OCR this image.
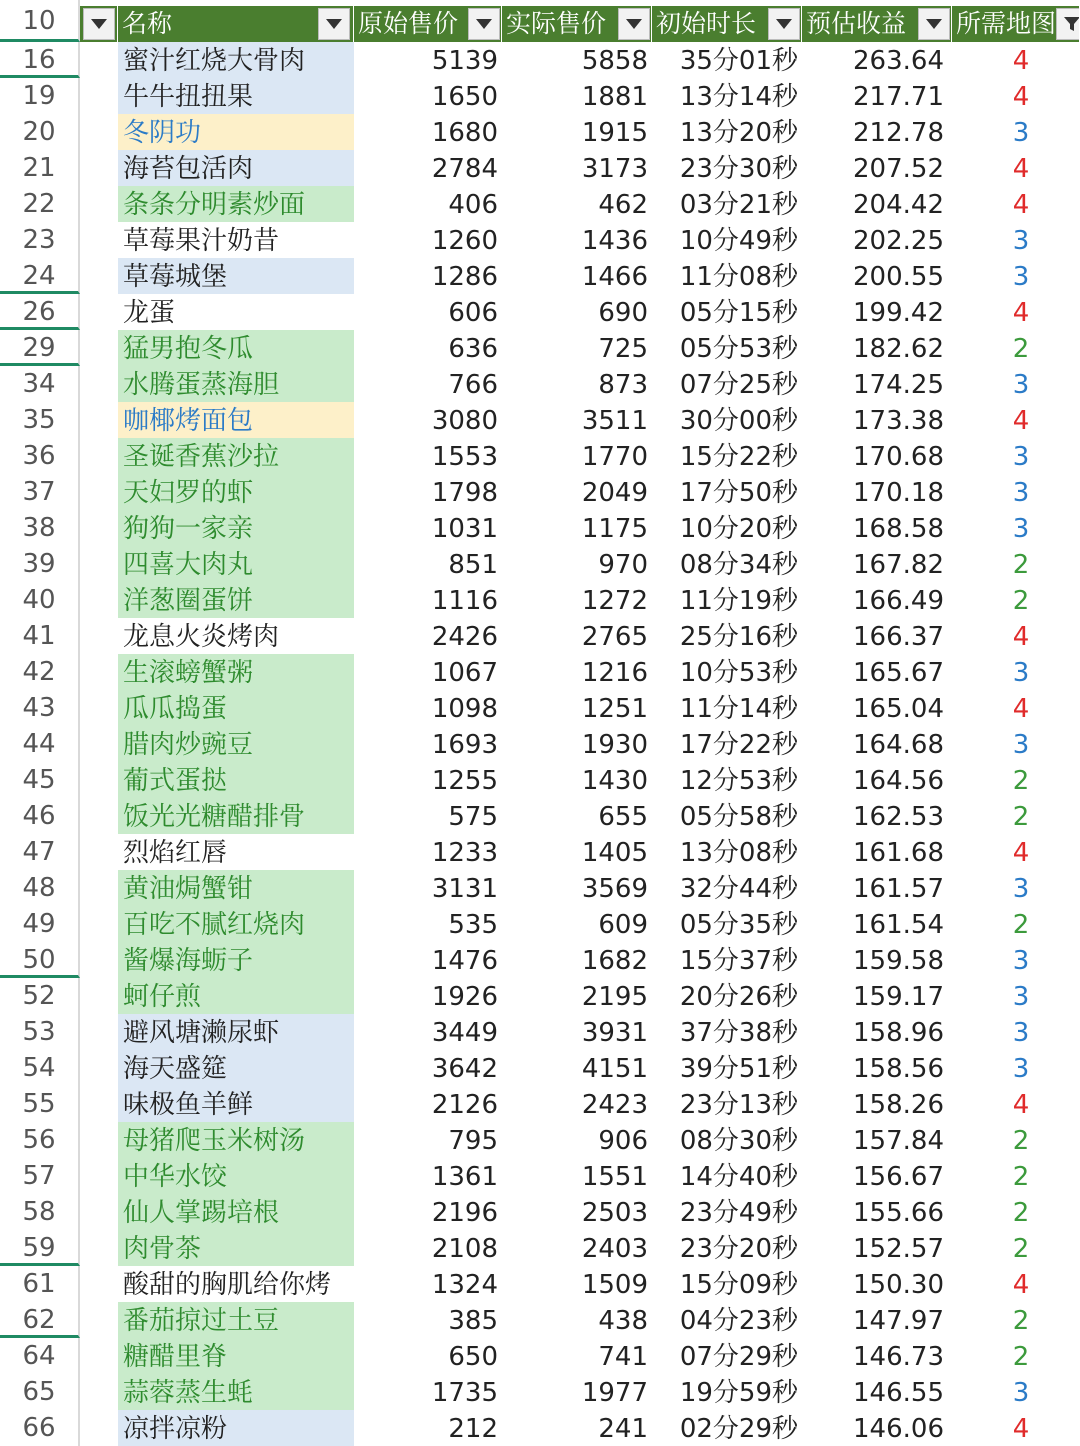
10	名称	原始售价 实际售价 初始时长 预估收益 所需地图
16	蜜汁红烧大骨肉	5139	5858	35分01秒	263.64	4
19	牛牛扭扭果	1650	1881	13分14秒	217.71	4
20	冬阴功	1680	1915	13分20秒	212.78	3
21	海苔包活肉	2784	3173	23分30秒	207.52	4
22	条条分明素炒面	406	462	03分21秒	204.42	4
23	草莓果汁奶昔	1260	1436	10分49秒	202.25	3
24	草莓城堡	1286	1466	11分08秒	200.55	3
26	龙蛋	606	690	05分15秒	199.42	4
29	猛男抱冬瓜	636	725	05分53秒	182.62	2
34	水腾蛋蒸海胆	766	873	07分25秒	174.25	3
35	咖椰烤面包	3080	3511	30分00秒	173.38	4
36	圣诞香蕉沙拉	1553	1770	15分22秒	170.68	3
37	天妇罗的虾	1798	2049	17分50秒	170.18	3
38	狗狗一家亲	1031	1175	10分20秒	168.58	3
39	四喜大肉丸	851	970	08分34秒	167.82	2
40	洋葱圈蛋饼	1116	1272	11分19秒	166.49	2
41	龙息火炎烤肉	2426	2765	25分16秒	166.37	4
42	生滚螃蟹粥	1067	1216	10分53秒	165.67	3
43	瓜瓜捣蛋	1098	1251	11分14秒	165.04	4
44	腊肉炒豌豆	1693	1930	17分22秒	164.68	3
45	葡式蛋挞	1255	1430	12分53秒	164.56	2
46	饭光光糖醋排骨	575	655	05分58秒	162.53	2
47	烈焰红唇	1233	1405	13分08秒	161.68	4
48	黄油焗蟹钳	3131	3569	32分44秒	161.57	3
49	百吃不腻红烧肉	535	609	05分35秒	161.54	2
50	酱爆海蛎子	1476	1682	15分37秒	159.58	3
52	蚵仔煎	1926	2195	20分26秒	159.17	3
53	避风塘濑尿虾	3449	3931	37分38秒	158.96	3
54	海天盛筵	3642	4151	39分51秒	158.56	3
55	味极鱼羊鲜	2126	2423	23分13秒	158.26	4
56	母猪爬玉米树汤	795	906	08分30秒	157.84	2
57	中华水饺	1361	1551	14分40秒	156.67	2
58	仙人掌踢培根	2196	2503	23分49秒	155.66	2
59	肉骨茶	2108	2403	23分20秒	152.57	2
61	酸甜的胸肌给你烤	1324	1509	15分09秒	150.30	4
62	番茄掠过土豆	385	438	04分23秒	147.97	2
64	糖醋里脊	650	741	07分29秒	146.73	2
65	蒜蓉蒸生蚝	1735	1977	19分59秒	146.55	3
66	凉拌凉粉	212	241	02分29秒	146.06	4
